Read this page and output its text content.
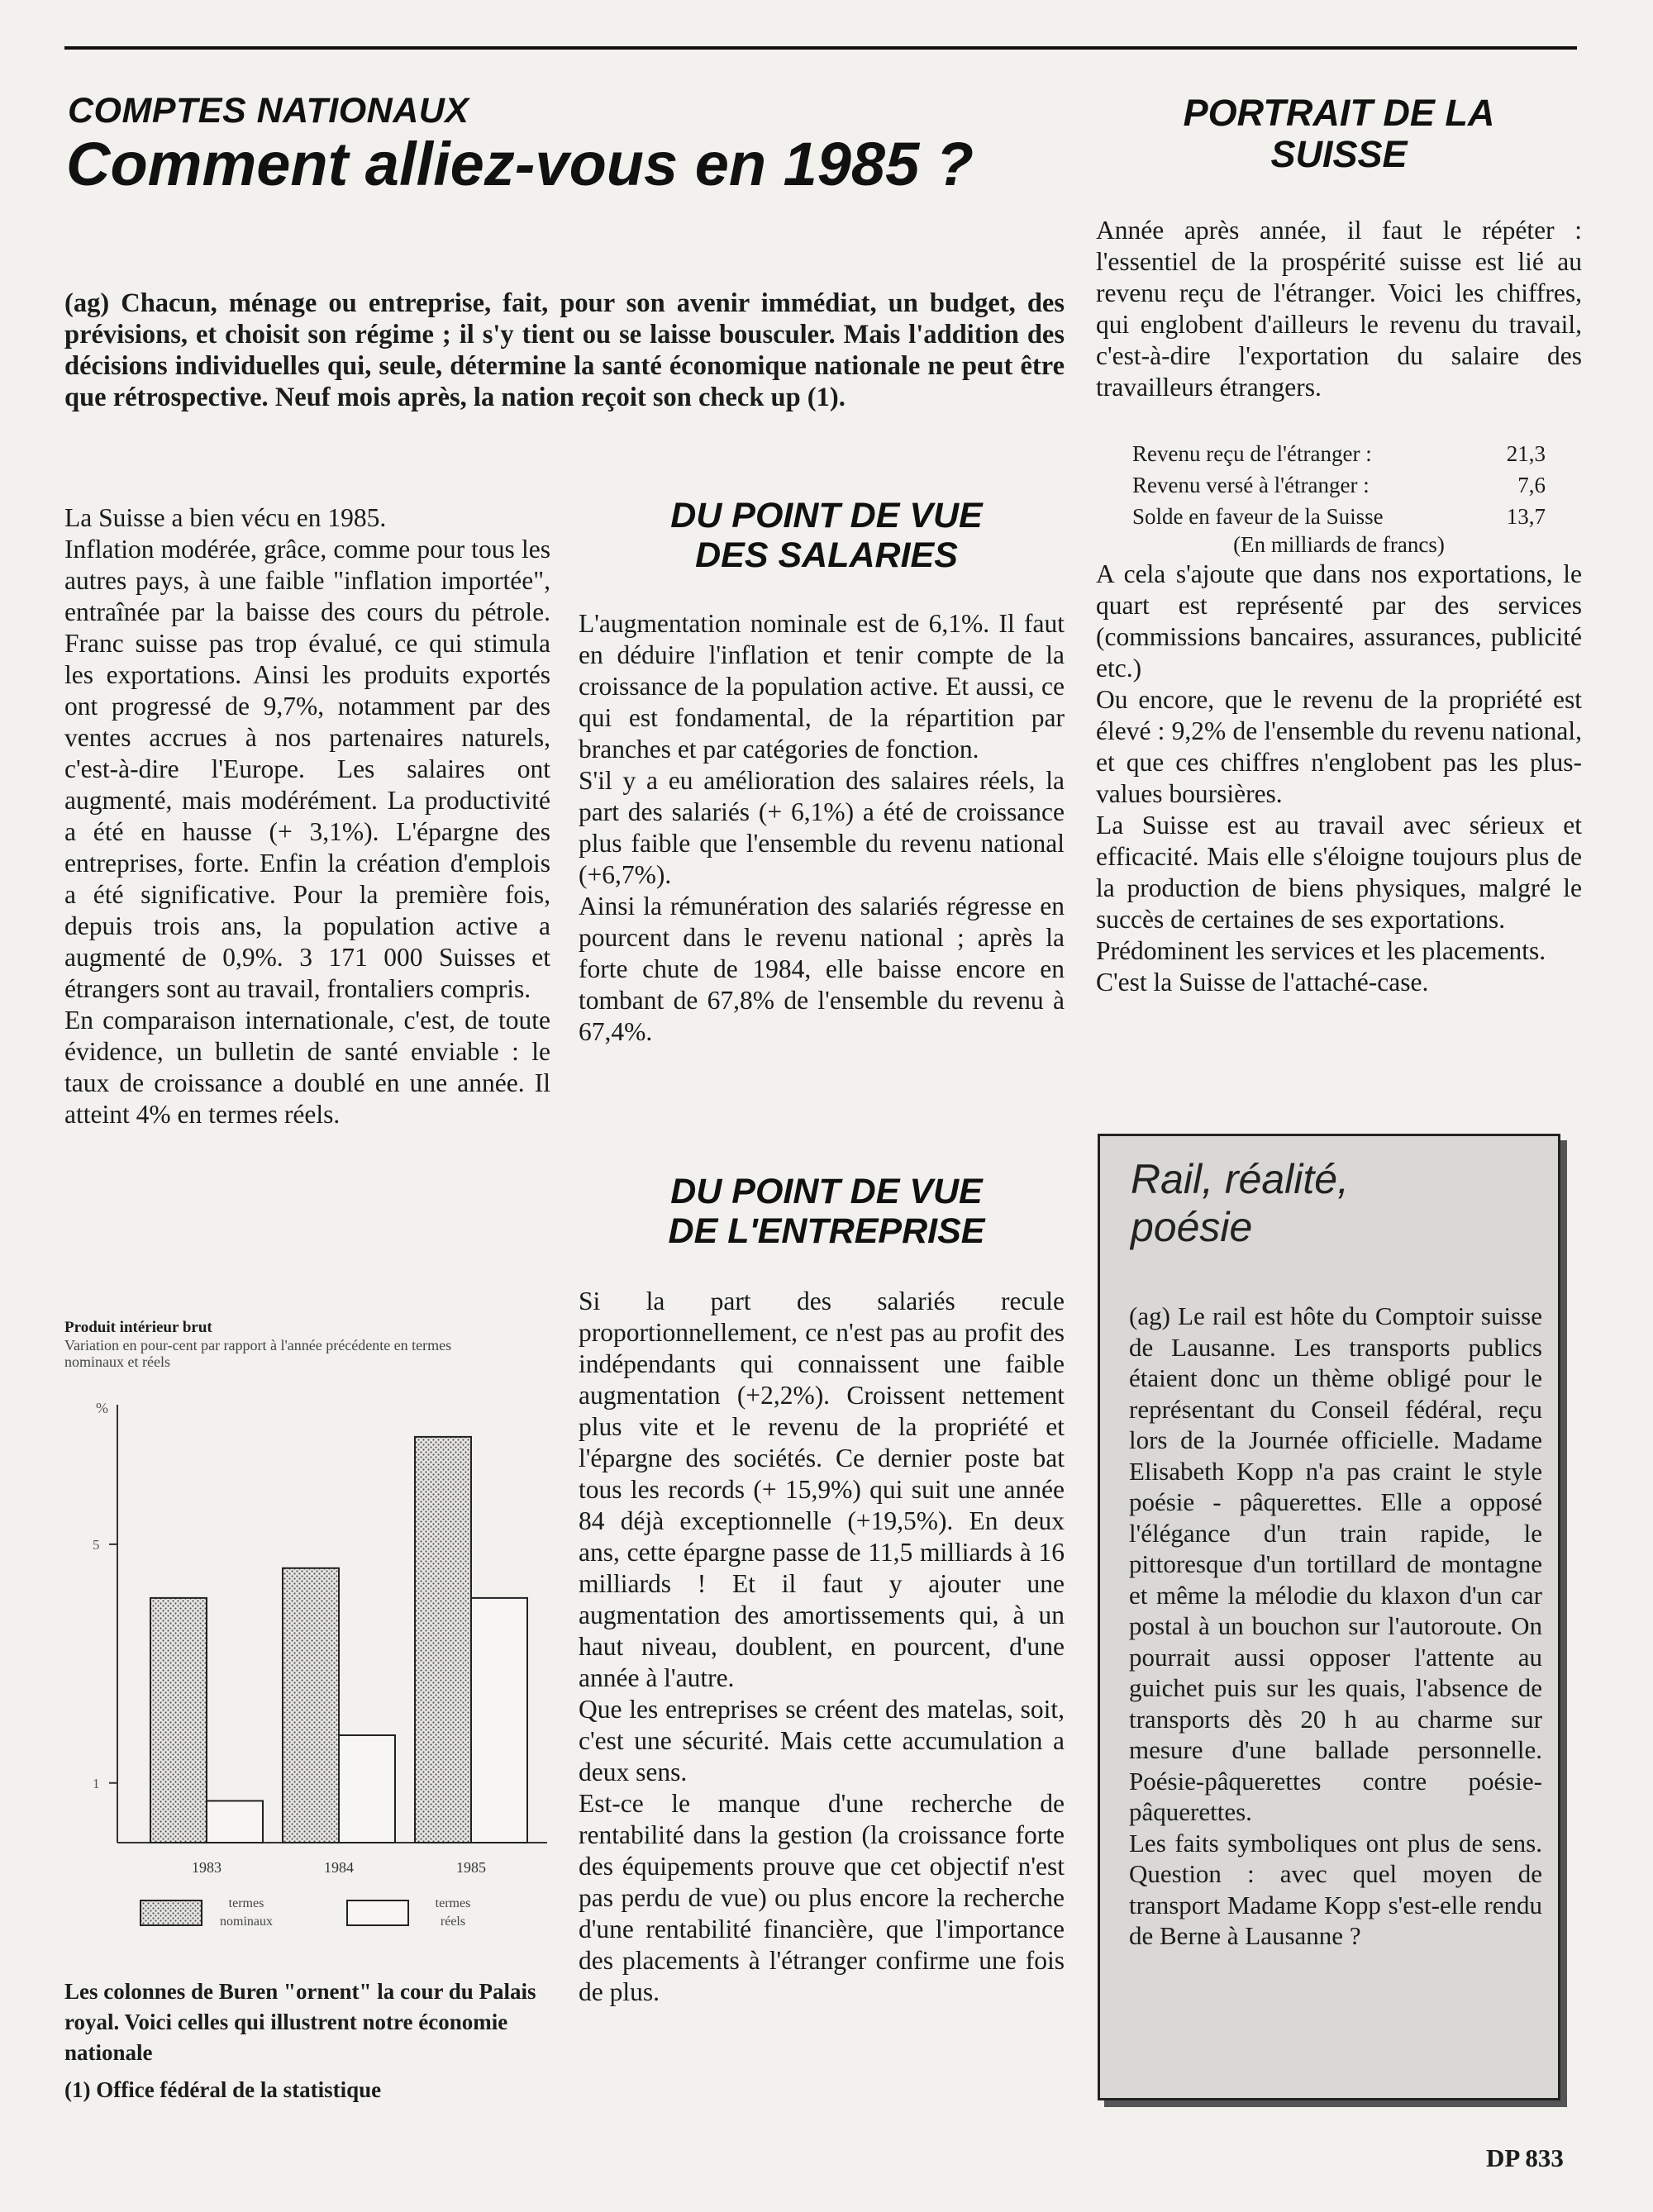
COMPTES NATIONAUX
Comment alliez-vous en 1985 ?
PORTRAIT DE LA SUISSE
(ag) Chacun, ménage ou entreprise, fait, pour son avenir immédiat, un budget, des prévisions, et choisit son régime ; il s'y tient ou se laisse bousculer. Mais l'addition des décisions individuelles qui, seule, détermine la santé économique nationale ne peut être que rétrospective. Neuf mois après, la nation reçoit son check up (1).

La Suisse a bien vécu en 1985.

Inflation modérée, grâce, comme pour tous les autres pays, à une faible "inflation importée", entraînée par la baisse des cours du pétrole. Franc suisse pas trop évalué, ce qui stimula les exportations. Ainsi les produits exportés ont progressé de 9,7%, notamment par des ventes accrues à nos partenaires naturels, c'est-à-dire l'Europe. Les salaires ont augmenté, mais modérément. La productivité a été en hausse (+ 3,1%). L'épargne des entreprises, forte. Enfin la création d'emplois a été significative. Pour la première fois, depuis trois ans, la population active a augmenté de 0,9%. 3 171 000 Suisses et étrangers sont au travail, frontaliers compris.

En comparaison internationale, c'est, de toute évidence, un bulletin de santé enviable : le taux de croissance a doublé en une année. Il atteint 4% en termes réels.

DU POINT DE VUE
DES SALARIES

L'augmentation nominale est de 6,1%. Il faut en déduire l'inflation et tenir compte de la croissance de la population active. Et aussi, ce qui est fondamental, de la répartition par branches et par catégories de fonction.

S'il y a eu amélioration des salaires réels, la part des salariés (+ 6,1%) a été de croissance plus faible que l'ensemble du revenu national (+6,7%).

Ainsi la rémunération des salariés régresse en pourcent dans le revenu national ; après la forte chute de 1984, elle baisse encore en tombant de 67,8% de l'ensemble du revenu à 67,4%.

DU POINT DE VUE
DE L'ENTREPRISE

Si la part des salariés recule proportionnellement, ce n'est pas au profit des indépendants qui connaissent une faible augmentation (+2,2%). Croissent nettement plus vite et le revenu de la propriété et l'épargne des sociétés. Ce dernier poste bat tous les records (+ 15,9%) qui suit une année 84 déjà exceptionnelle (+19,5%). En deux ans, cette épargne passe de 11,5 milliards à 16 milliards ! Et il faut y ajouter une augmentation des amortissements qui, à un haut niveau, doublent, en pourcent, d'une année à l'autre.

Que les entreprises se créent des matelas, soit, c'est une sécurité. Mais cette accumulation a deux sens.

Est-ce le manque d'une recherche de rentabilité dans la gestion (la croissance forte des équipements prouve que cet objectif n'est pas perdu de vue) ou plus encore la recherche d'une rentabilité financière, que l'importance des placements à l'étranger confirme une fois de plus.

Année après année, il faut le répéter : l'essentiel de la prospérité suisse est lié au revenu reçu de l'étranger. Voici les chiffres, qui englobent d'ailleurs le revenu du travail, c'est-à-dire l'exportation du salaire des travailleurs étrangers.
Revenu reçu de l'étranger :	21,3
Revenu versé à l'étranger :	7,6
Solde en faveur de la Suisse	13,7
(En milliards de francs)

A cela s'ajoute que dans nos exportations, le quart est représenté par des services (commissions bancaires, assurances, publicité etc.)

Ou encore, que le revenu de la propriété est élevé : 9,2% de l'ensemble du revenu national, et que ces chiffres n'englobent pas les plus-values boursières.

La Suisse est au travail avec sérieux et efficacité. Mais elle s'éloigne toujours plus de la production de biens physiques, malgré le succès de certaines de ses exportations.

Prédominent les services et les placements.

C'est la Suisse de l'attaché-case.

Rail, réalité,
poésie

(ag) Le rail est hôte du Comptoir suisse de Lausanne. Les transports publics étaient donc un thème obligé pour le représentant du Conseil fédéral, reçu lors de la Journée officielle. Madame Elisabeth Kopp n'a pas craint le style poésie - pâquerettes. Elle a opposé l'élégance d'un train rapide, le pittoresque d'un tortillard de montagne et même la mélodie du klaxon d'un car postal à un bouchon sur l'autoroute. On pourrait aussi opposer l'attente au guichet puis sur les quais, l'absence de transports dès 20 h au charme sur mesure d'une ballade personnelle. Poésie-pâquerettes contre poésie-pâquerettes.

Les faits symboliques ont plus de sens. Question : avec quel moyen de transport Madame Kopp s'est-elle rendu de Berne à Lausanne ?

Produit intérieur brut
Variation en pour-cent par rapport à l'année précédente en termes nominaux et réels
%
1
5
1983	1984	1985
termes
nominaux
termes
réels
Les colonnes de Buren "ornent" la cour du Palais royal. Voici celles qui illustrent notre économie nationale
(1) Office fédéral de la statistique
DP 833
